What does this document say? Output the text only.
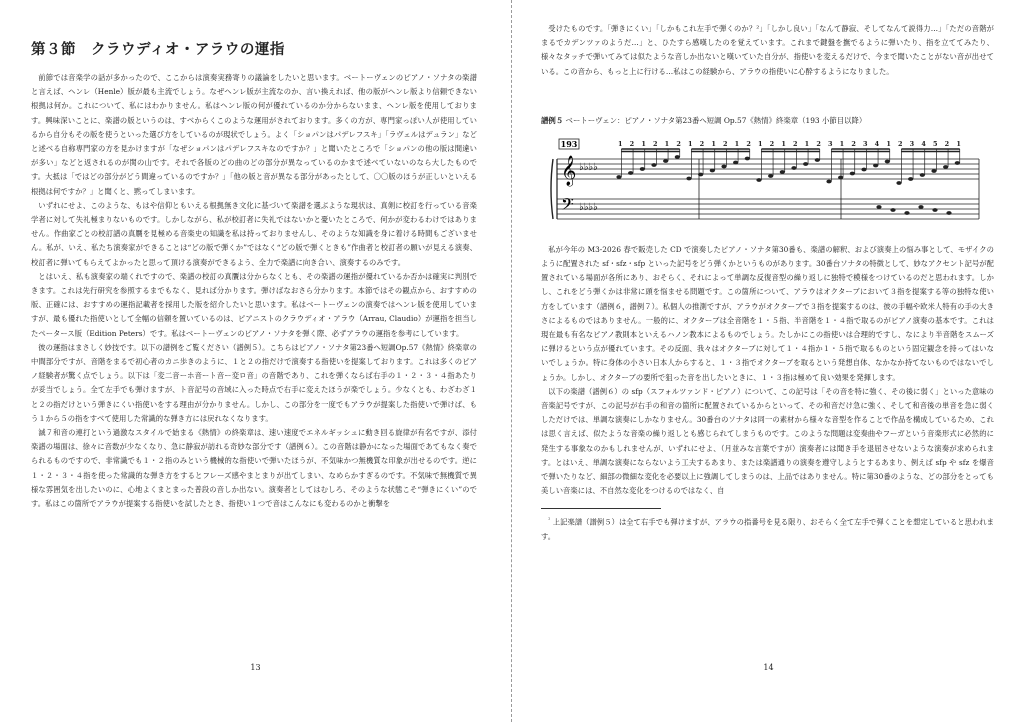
第３節　クラウディオ・アラウの運指

前節では音楽学の話が多かったので、ここからは演奏実務寄りの議論をしたいと思います。ベートーヴェンのピアノ・ソナタの楽譜と言えば、ヘンレ（Henle）版が最も主流でしょう。なぜヘンレ版が主流なのか、言い換えれば、他の版がヘンレ版より信頼できない根拠は何か。これについて、私にはわかりません。私はヘンレ版の何が優れているのか分からないまま、ヘンレ版を使用しております。興味深いことに、楽譜の版というのは、すべからくこのような運用がされております。多くの方が、専門家っぽい人が使用しているから自分もその版を使うといった選び方をしているのが現状でしょう。よく「ショパンはパデレフスキ」「ラヴェルはデュラン」などと述べる自称専門家の方を見かけますが「なぜショパンはパデレフスキなのですか？」と聞いたところで「ショパンの他の版は間違いが多い」などと返されるのが関の山です。それで各版のどの曲のどの部分が異なっているのかまで述べていないのなら大したものです。大抵は「ではどの部分がどう間違っているのですか？」「他の版と音が異なる部分があったとして、〇〇版のほうが正しいといえる根拠は何ですか？」と聞くと、黙ってしまいます。

いずれにせよ、このような、もはや信仰ともいえる根拠無き文化に基づいて楽譜を選ぶような現状は、真剣に校訂を行っている音楽学者に対して失礼極まりないものです。しかしながら、私が校訂者に失礼ではないかと憂いたところで、何かが変わるわけではありません。作曲家ごとの校訂譜の真贋を見極める音楽史の知識を私は持っておりませんし、そのような知識を身に着ける時間もございません。私が、いえ、私たち演奏家ができることは“どの版で弾くか”ではなく“どの版で弾くときも”作曲者と校訂者の願いが見える演奏、校訂者に弾いてもらえてよかったと思って頂ける演奏ができるよう、全力で楽譜に向き合い、演奏するのみです。

とはいえ、私も演奏家の端くれですので、楽譜の校訂の真贋は分からなくとも、その楽譜の運指が優れているか否かは確実に判別できます。これは先行研究を参照するまでもなく、見れば分かります。弾けばなおさら分かります。本節ではその観点から、おすすめの版、正確には、おすすめの運指記載者を採用した版を紹介したいと思います。私はベートーヴェンの演奏ではヘンレ版を使用していますが、最も優れた指使いとして全幅の信頼を置いているのは、ピアニストのクラウディオ・アラウ（Arrau, Claudio）が運指を担当したペータース版（Edition Peters）です。私はベートーヴェンのピアノ・ソナタを弾く際、必ずアラウの運指を参考にしています。

彼の運指はまさしく妙技です。以下の譜例をご覧ください（譜例５）。こちらはピアノ・ソナタ第23番へ短調Op.57《熱情》終楽章の中間部分ですが、音階をまるで初心者のカニ歩きのように、１と２の指だけで演奏する指使いを提案しております。これは多くのピアノ経験者が驚く点でしょう。以下は「変二音ーホ音ート音ー変ロ音」の音階であり、これを弾くならば右手の１・２・３・４指あたりが妥当でしょう。全て左手でも弾けますが、ト音記号の音域に入った時点で右手に変えたほうが楽でしょう。少なくとも、わざわざ１と２の指だけという弾きにくい指使いをする理由が分かりません。しかし、この部分を一度でもアラウが提案した指使いで弾けば、もう１から５の指をすべて使用した常識的な弾き方には戻れなくなります。

滅７和音の連打という過激なスタイルで始まる《熱情》の終楽章は、速い速度でエネルギッシュに動き回る旋律が有名ですが、添付楽譜の場面は、徐々に音数が少なくなり、急に静寂が訪れる奇妙な部分です（譜例６）。この音階は静かになった場面であてもなく奏でられるものですので、非常識でも１・２指のみという機械的な指使いで弾いたほうが、不気味かつ無機質な印象が出せるのです。逆に１・２・３・４指を使った常識的な弾き方をするとフレーズ感やまとまりが出てしまい、なめらかすぎるのです。不気味で無機質で異様な雰囲気を出したいのに、心地よくまとまった普段の音しか出ない。演奏者としてはむしろ、そのような状態こそ“弾きにくい”のです。私はこの箇所でアラウが提案する指使いを試したとき、指使い１つで音はこんなにも変わるのかと衝撃を

13

受けたものです。「弾きにくい」「しかもこれ左手で弾くのか？²」「しかし良い」「なんて静寂、そしてなんて説得力…」「ただの音階がまるでカデンツァのようだ…」と、ひたすら感嘆したのを覚えています。これまで鍵盤を撫でるように弾いたり、指を立ててみたり、様々なタッチで弾いてみては似たような音しか出ないと嘆いていた自分が、指使いを変えるだけで、今まで聞いたことがない音が出せている。この音から、もっと上に行ける…私はこの経験から、アラウの指使いに心酔するようになりました。

譜例５ ベートーヴェン：ピアノ・ソナタ第23番へ短調 Op.57《熱情》終楽章（193 小節目以降）
193
𝄞
𝄢
♭♭♭♭
♭♭♭♭
1 2 1 2 1 2 1 2 1 2 1 2 1 2 1 2 1 2 3 1 2 3 4 1 2 3 4 5 2 1

私が今年の M3-2026 春で販売した CD で演奏したピアノ・ソナタ第30番も、楽譜の解釈、および演奏上の悩み事として、モザイクのように配置された sf・sfz・sfp といった記号をどう弾くかというものがあります。30番台ソナタの特徴として、妙なアクセント記号が配置されている場面が各所にあり、おそらく、それによって単調な反復音型の繰り返しに独特で模様をつけているのだと思われます。しかし、これをどう弾くかは非常に頭を悩ませる問題です。この箇所について、アラウはオクターブにおいて３指を提案する等の独特な使い方をしています（譜例６，譜例７）。私個人の推測ですが、アラウがオクターブで３指を提案するのは、彼の手幅や欧米人特有の手の大きさによるものではありません。一般的に、オクターブは全音階を１・５指、半音階を１・４指で取るのがピアノ演奏の基本です。これは現在最も有名なピアノ教則本といえるハノン教本によるものでしょう。たしかにこの指使いは合理的ですし、なにより半音階をスムーズに弾けるという点が優れています。その反面、我々はオクターブに対して１・４指か１・５指で取るものという固定観念を持ってはいないでしょうか。特に身体の小さい日本人からすると、１・３指でオクターブを取るという発想自体、なかなか持てないものではないでしょうか。しかし、オクターブの要所で狙った音を出したいときに、１・３指は極めて良い効果を発揮します。

以下の楽譜（譜例６）の sfp（スフォルツァンド・ピアノ）について、この記号は「その音を特に強く、その後に弱く」といった意味の音楽記号ですが、この記号が右手の和音の箇所に配置されているからといって、その和音だけ急に強く、そして和音後の単音を急に弱くしただけでは、単調な演奏にしかなりません。30番台のソナタは同一の素材から様々な音型を作ることで作品を構成しているため、これは思く言えば、似たような音楽の繰り返しとも感じられてしまうものです。このような問題は変奏曲やフーガという音楽形式に必然的に発生する事象なのかもしれませんが、いずれにせよ、（月並みな言葉ですが）演奏者には聞き手を退屈させないような演奏が求められます。とはいえ、単調な演奏にならないよう工夫するあまり、または楽譜通りの演奏を遵守しようとするあまり、例えば sfp や sfz を爆音で弾いたりなど、細部の微細な変化を必要以上に強調してしまうのは、上品ではありません。特に第30番のような、どの部分をとっても美しい音楽には、不自然な変化をつけるのではなく、自

$^{^2}$ 上記楽譜（譜例５）は全て右手でも弾けますが、アラウの指番号を見る限り、おそらく全て左手で弾くことを想定していると思われます。

14
